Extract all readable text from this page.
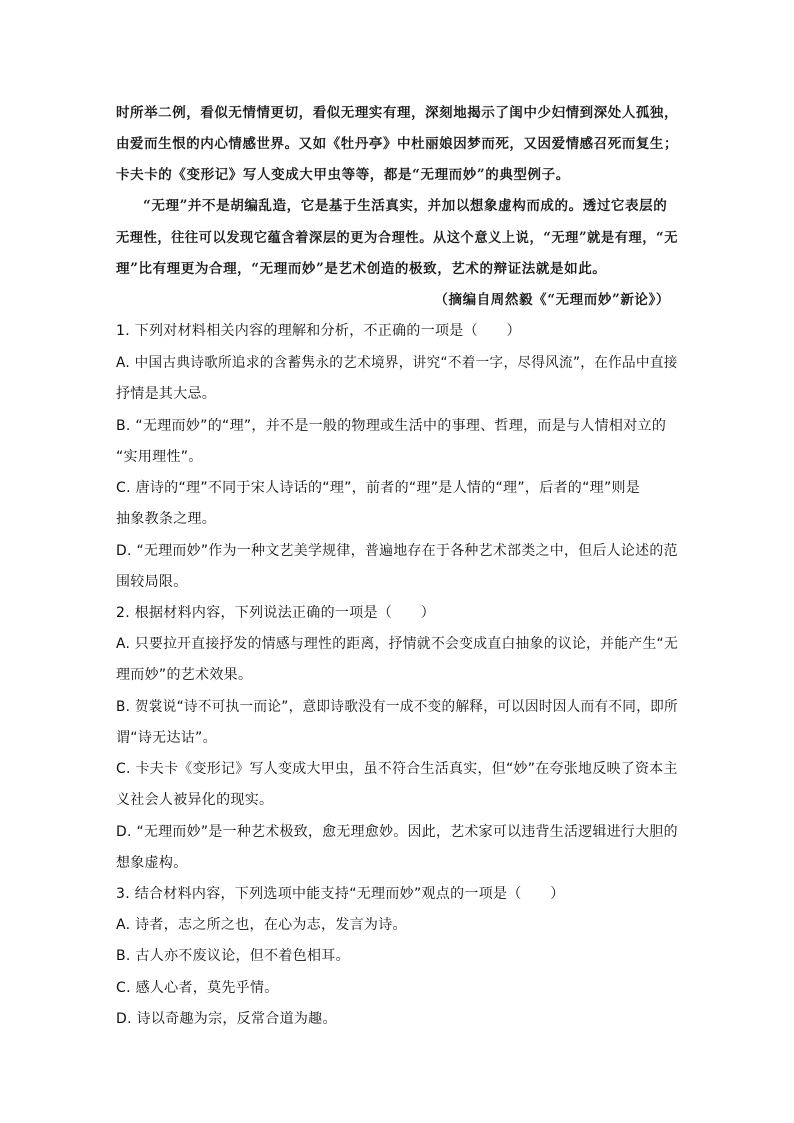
时所举二例，看似无情情更切，看似无理实有理，深刻地揭示了闺中少妇情到深处人孤独，
由爱而生恨的内心情感世界。又如《牡丹亭》中杜丽娘因梦而死，又因爱情感召死而复生；
卡夫卡的《变形记》写人变成大甲虫等等，都是“无理而妙”的典型例子。
“无理”并不是胡编乱造，它是基于生活真实，并加以想象虚构而成的。透过它表层的
无理性，往往可以发现它蕴含着深层的更为合理性。从这个意义上说，“无理”就是有理，“无
理”比有理更为合理，“无理而妙”是艺术创造的极致，艺术的辩证法就是如此。
（摘编自周然毅《“无理而妙”新论》）
1. 下列对材料相关内容的理解和分析，不正确的一项是（　　）
A. 中国古典诗歌所追求的含蓄隽永的艺术境界，讲究“不着一字，尽得风流”，在作品中直接
抒情是其大忌。
B. “无理而妙”的“理”，并不是一般的物理或生活中的事理、哲理，而是与人情相对立的
“实用理性”。
C. 唐诗的“理”不同于宋人诗话的“理”，前者的“理”是人情的“理”，后者的“理”则是
抽象教条之理。
D. “无理而妙”作为一种文艺美学规律，普遍地存在于各种艺术部类之中，但后人论述的范
围较局限。
2. 根据材料内容，下列说法正确的一项是（　　）
A. 只要拉开直接抒发的情感与理性的距离，抒情就不会变成直白抽象的议论，并能产生“无
理而妙”的艺术效果。
B. 贺裳说“诗不可执一而论”，意即诗歌没有一成不变的解释，可以因时因人而有不同，即所
谓“诗无达诂”。
C. 卡夫卡《变形记》写人变成大甲虫，虽不符合生活真实，但“妙”在夸张地反映了资本主
义社会人被异化的现实。
D. “无理而妙”是一种艺术极致，愈无理愈妙。因此，艺术家可以违背生活逻辑进行大胆的
想象虚构。
3. 结合材料内容，下列选项中能支持“无理而妙”观点的一项是（　　）
A. 诗者，志之所之也，在心为志，发言为诗。
B. 古人亦不废议论，但不着色相耳。
C. 感人心者，莫先乎情。
D. 诗以奇趣为宗，反常合道为趣。
